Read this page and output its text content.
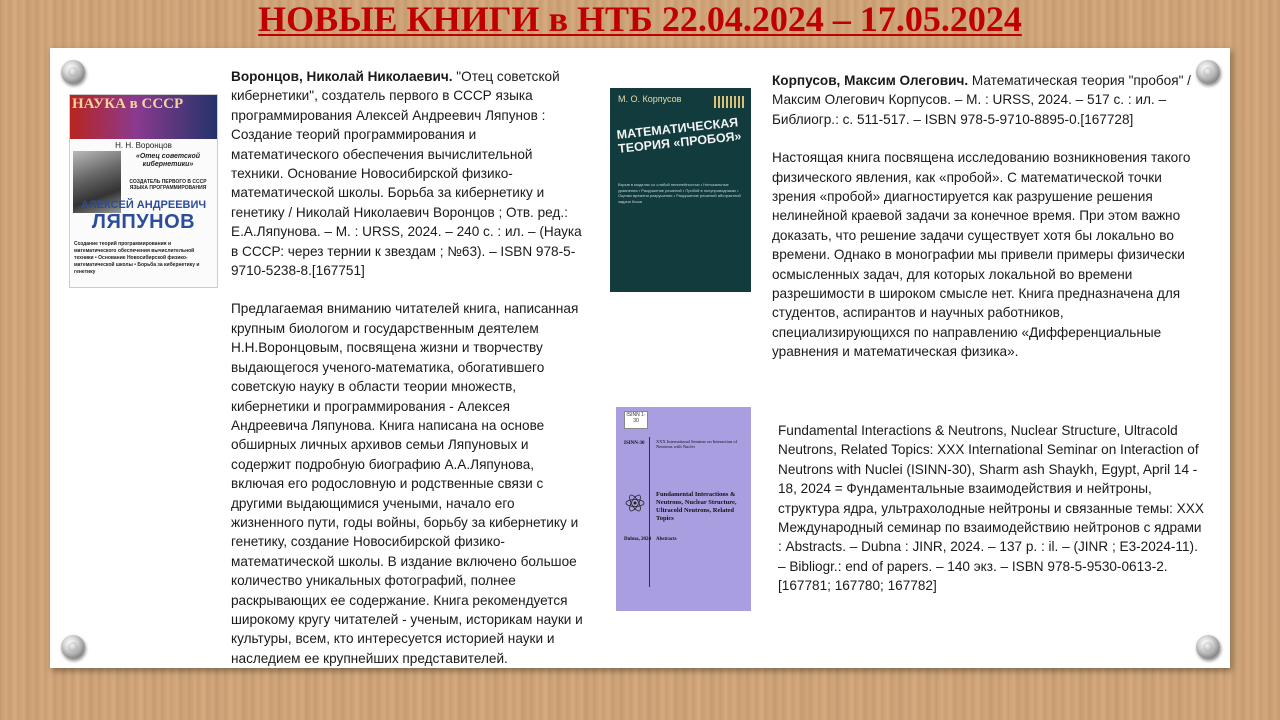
НОВЫЕ КНИГИ в НТБ 22.04.2024 – 17.05.2024
НАУКА в СССР
Н. Н. Воронцов
«Отец советской кибернетики»
СОЗДАТЕЛЬ ПЕРВОГО В СССР ЯЗЫКА ПРОГРАММИРОВАНИЯ
АЛЕКСЕЙ АНДРЕЕВИЧ
ЛЯПУНОВ
Создание теорий программирования и математического обеспечения вычислительной техники • Основание Новосибирской физико-математической школы • Борьба за кибернетику и генетику

Воронцов, Николай Николаевич. "Отец советской кибернетики", создатель первого в СССР языка программирования Алексей Андреевич Ляпунов : Создание теорий программирования и математического обеспечения вычислительной техники. Основание Новосибирской физико-математической школы. Борьба за кибернетику и генетику / Николай Николаевич Воронцов ; Отв. ред.: Е.А.Ляпунова. – М. : URSS, 2024. – 240 с. : ил. – (Наука в СССР: через тернии к звездам ; №63). – ISBN 978-5-9710-5238-8.[167751]

Предлагаемая вниманию читателей книга, написанная крупным биологом и государственным деятелем Н.Н.Воронцовым, посвящена жизни и творчеству выдающегося ученого-математика, обогатившего советскую науку в области теории множеств, кибернетики и программирования - Алексея Андреевича Ляпунова. Книга написана на основе обширных личных архивов семьи Ляпуновых и содержит подробную биографию А.А.Ляпунова, включая его родословную и родственные связи с другими выдающимися учеными, начало его жизненного пути, годы войны, борьбу за кибернетику и генетику, создание Новосибирской физико-математической школы. В издание включено большое количество уникальных фотографий, полнее раскрывающих ее содержание. Книга рекомендуется широкому кругу читателей - ученым, историкам науки и культуры, всем, кто интересуется историей науки и наследием ее крупнейших представителей.

М. О. Корпусов
МАТЕМАТИЧЕСКАЯ ТЕОРИЯ «ПРОБОЯ»
Взрыв в моделях со слабой нелинейностью • Нелокальные уравнения • Разрушение решений • Пробой в полупроводниках • Оценки времени разрушения • Разрушение решений абстрактной задачи Коши

Корпусов, Максим Олегович. Математическая теория "пробоя" / Максим Олегович Корпусов. – М. : URSS, 2024. – 517 с. : ил. – Библиогр.: с. 511-517. – ISBN 978-5-9710-8895-0.[167728]

Настоящая книга посвящена исследованию возникновения такого физического явления, как «пробой». С математической точки зрения «пробой» диагностируется как разрушение решения нелинейной краевой задачи за конечное время. При этом важно доказать, что решение задачи существует хотя бы локально во времени. Однако в монографии мы привели примеры физически осмысленных задач, для которых локальной во времени разрешимости в широком смысле нет. Книга предназначена для студентов, аспирантов и научных работников, специализирующихся по направлению «Дифференциальные уравнения и математическая физика».

ISINN 1-30
ISINN-30	XXX International Seminar on Interaction of Neutrons with Nuclei
Fundamental Interactions & Neutrons, Nuclear Structure, Ultracold Neutrons, Related Topics
Dubna, 2024 Abstracts

Fundamental Interactions & Neutrons, Nuclear Structure, Ultracold Neutrons, Related Topics: XXX International Seminar on Interaction of Neutrons with Nuclei (ISINN-30), Sharm ash Shaykh, Egypt, April 14 - 18, 2024 = Фундаментальные взаимодействия и нейтроны, структура ядра, ультрахолодные нейтроны и связанные темы: XXX Международный семинар по взаимодействию нейтронов с ядрами : Abstracts. – Dubna : JINR, 2024. – 137 p. : il. – (JINR ; E3-2024-11). – Bibliogr.: end of papers. – 140 экз. – ISBN 978-5-9530-0613-2.[167781; 167780; 167782]
